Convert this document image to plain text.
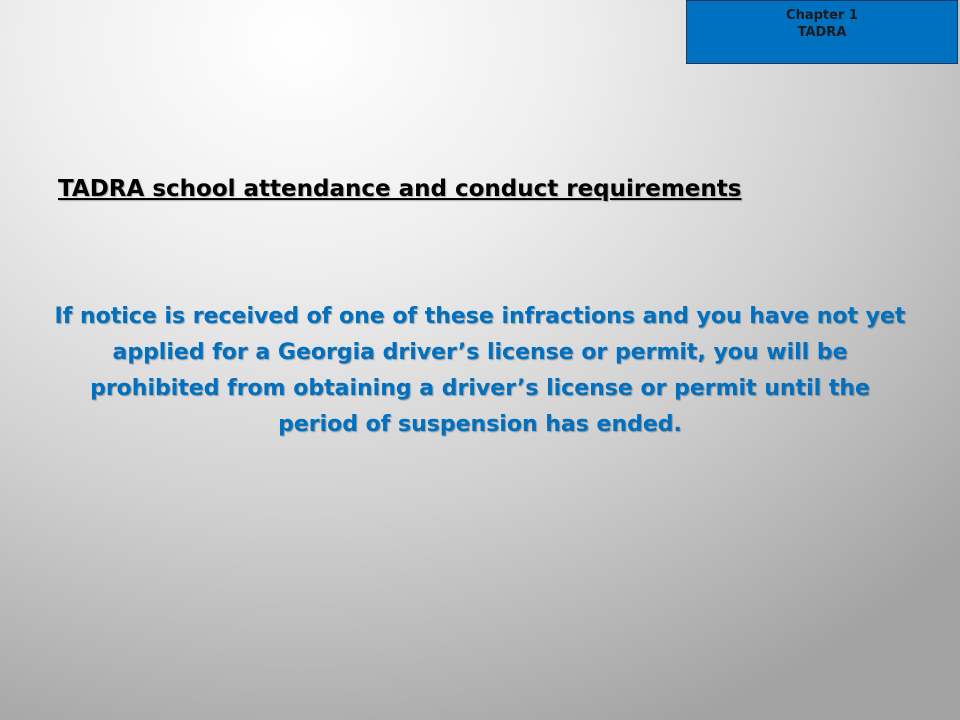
Chapter 1
TADRA
TADRA school attendance and conduct requirements

If notice is received of one of these infractions and you have not yet applied for a Georgia driver’s license or permit, you will be prohibited from obtaining a driver’s license or permit until the period of suspension has ended.
